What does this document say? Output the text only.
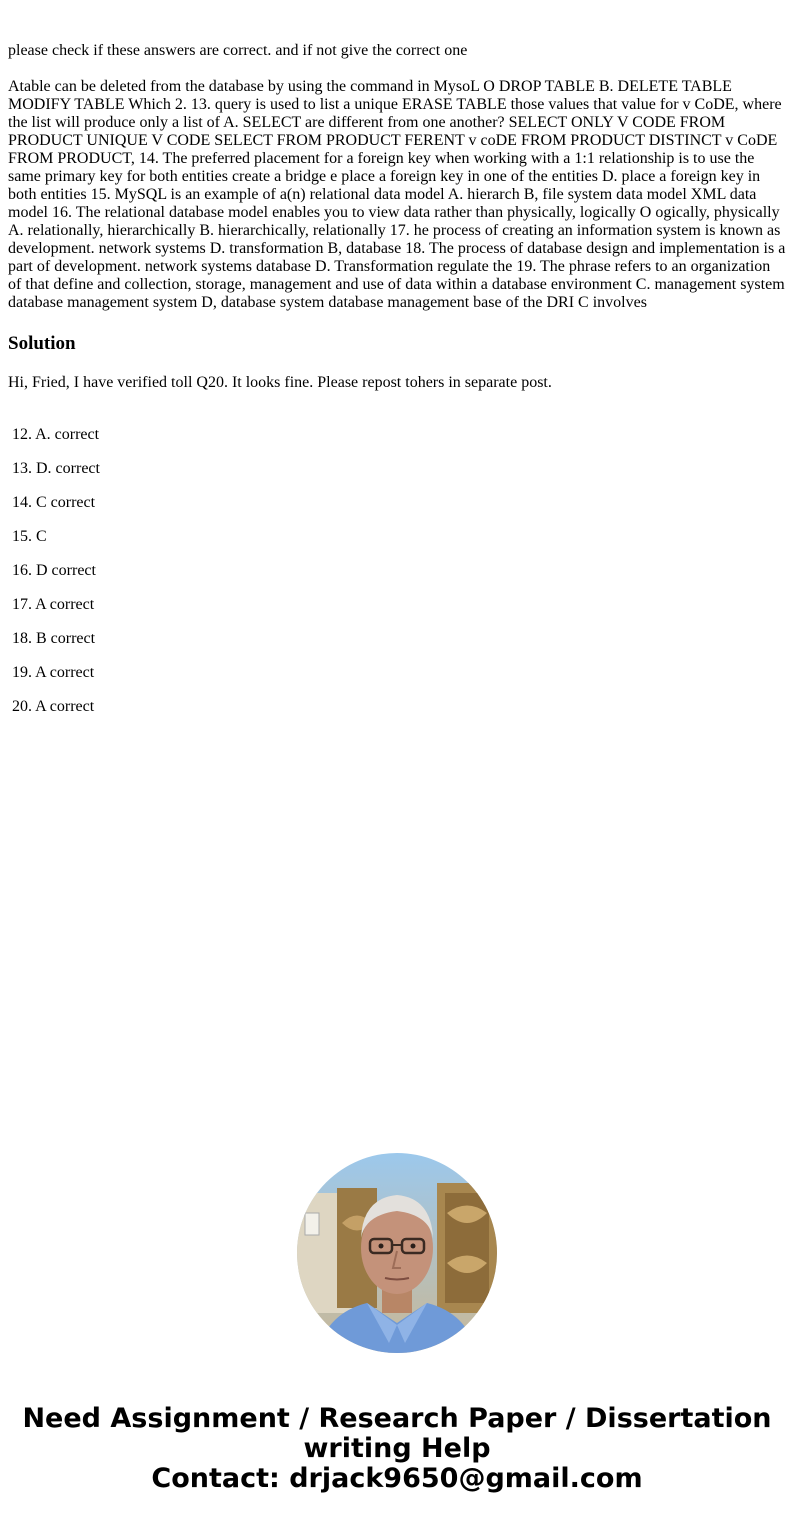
please check if these answers are correct. and if not give the correct one

Atable can be deleted from the database by using the command in MysoL O DROP TABLE B. DELETE TABLE MODIFY TABLE Which 2. 13. query is used to list a unique ERASE TABLE those values that value for v CoDE, where the list will produce only a list of A. SELECT are different from one another? SELECT ONLY V CODE FROM PRODUCT UNIQUE V CODE SELECT FROM PRODUCT FERENT v coDE FROM PRODUCT DISTINCT v CoDE FROM PRODUCT, 14. The preferred placement for a foreign key when working with a 1:1 relationship is to use the same primary key for both entities create a bridge e place a foreign key in one of the entities D. place a foreign key in both entities 15. MySQL is an example of a(n) relational data model A. hierarch B, file system data model XML data model 16. The relational database model enables you to view data rather than physically, logically O ogically, physically A. relationally, hierarchically B. hierarchically, relationally 17. he process of creating an information system is known as development. network systems D. transformation B, database 18. The process of database design and implementation is a part of development. network systems database D. Transformation regulate the 19. The phrase refers to an organization of that define and collection, storage, management and use of data within a database environment C. management system database management system D, database system database management base of the DRI C involves

Solution

Hi, Fried, I have verified toll Q20. It looks fine. Please repost tohers in separate post.

12. A. correct
13. D. correct
14. C correct
15. C
16. D correct
17. A correct
18. B correct
19. A correct
20. A correct
Need Assignment / Research Paper / Dissertation
writing Help
Contact: drjack9650@gmail.com
